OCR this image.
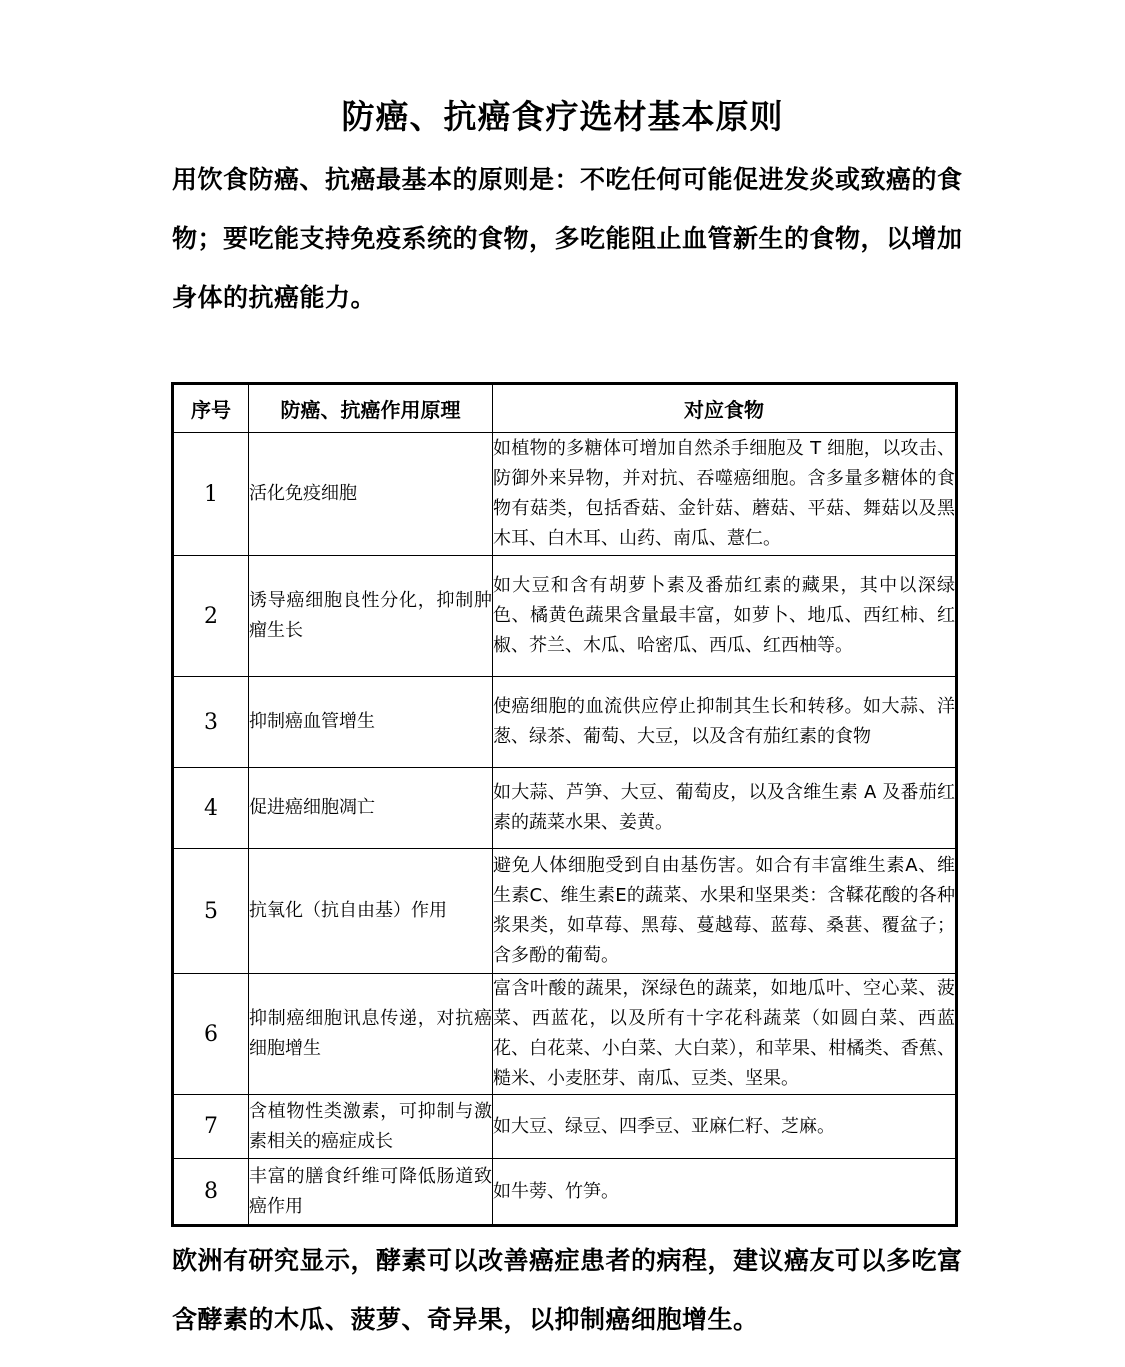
防癌、抗癌食疗选材基本原则

用饮食防癌、抗癌最基本的原则是：不吃任何可能促进发炎或致癌的食物；要吃能支持免疫系统的食物，多吃能阻止血管新生的食物，以增加身体的抗癌能力。

序号	防癌、抗癌作用原理	对应食物
1	活化免疫细胞	如植物的多糖体可增加自然杀手细胞及 T 细胞，以攻击、防御外来异物，并对抗、吞噬癌细胞。含多量多糖体的食物有菇类，包括香菇、金针菇、蘑菇、平菇、舞菇以及黑木耳、白木耳、山药、南瓜、薏仁。
2	诱导癌细胞良性分化，抑制肿瘤生长	如大豆和含有胡萝卜素及番茄红素的藏果，其中以深绿色、橘黄色蔬果含量最丰富，如萝卜、地瓜、西红柿、红椒、芥兰、木瓜、哈密瓜、西瓜、红西柚等。
3	抑制癌血管增生	使癌细胞的血流供应停止抑制其生长和转移。如大蒜、洋葱、绿茶、葡萄、大豆，以及含有茄红素的食物
4	促进癌细胞凋亡	如大蒜、芦笋、大豆、葡萄皮，以及含维生素 A 及番茄红素的蔬菜水果、姜黄。
5	抗氧化（抗自由基）作用	避免人体细胞受到自由基伤害。如合有丰富维生素A、维生素C、维生素E的蔬菜、水果和坚果类：含鞣花酸的各种浆果类，如草莓、黑莓、蔓越莓、蓝莓、桑葚、覆盆子；含多酚的葡萄。
6	抑制癌细胞讯息传递，对抗癌细胞增生	富含叶酸的蔬果，深绿色的蔬菜，如地瓜叶、空心菜、菠菜、西蓝花，以及所有十字花科蔬菜（如圆白菜、西蓝花、白花菜、小白菜、大白菜），和苹果、柑橘类、香蕉、糙米、小麦胚芽、南瓜、豆类、坚果。
7	含植物性类激素，可抑制与激素相关的癌症成长	如大豆、绿豆、四季豆、亚麻仁籽、芝麻。
8	丰富的膳食纤维可降低肠道致癌作用	如牛蒡、竹笋。

欧洲有研究显示，酵素可以改善癌症患者的病程，建议癌友可以多吃富含酵素的木瓜、菠萝、奇异果，以抑制癌细胞增生。
